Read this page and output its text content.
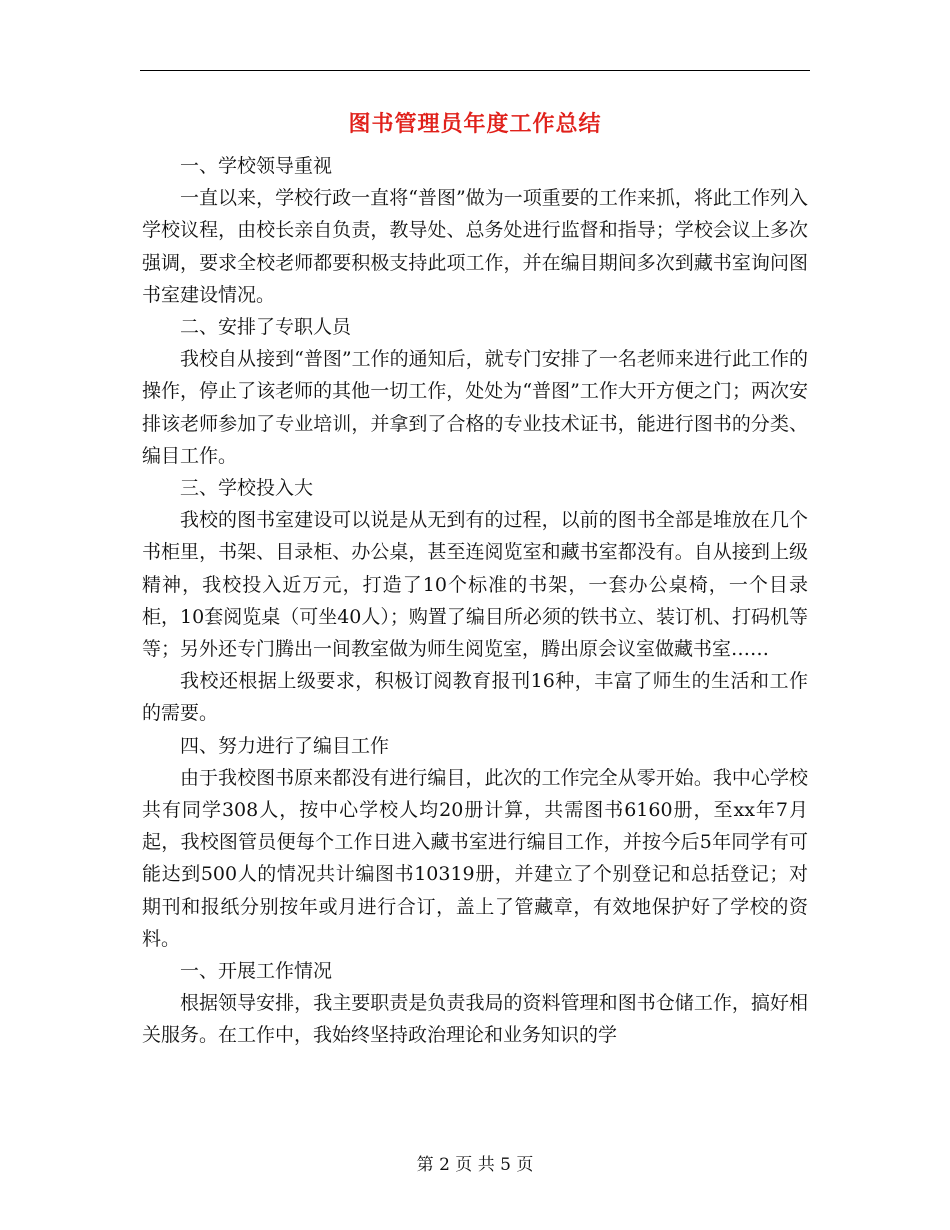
图书管理员年度工作总结

一、学校领导重视

一直以来，学校行政一直将“普图”做为一项重要的工作来抓，将此工作列入学校议程，由校长亲自负责，教导处、总务处进行监督和指导；学校会议上多次强调，要求全校老师都要积极支持此项工作，并在编目期间多次到藏书室询问图书室建设情况。

二、安排了专职人员

我校自从接到“普图”工作的通知后，就专门安排了一名老师来进行此工作的操作，停止了该老师的其他一切工作，处处为“普图”工作大开方便之门；两次安排该老师参加了专业培训，并拿到了合格的专业技术证书，能进行图书的分类、编目工作。

三、学校投入大

我校的图书室建设可以说是从无到有的过程，以前的图书全部是堆放在几个书柜里，书架、目录柜、办公桌，甚至连阅览室和藏书室都没有。自从接到上级精神，我校投入近万元，打造了10个标准的书架，一套办公桌椅，一个目录柜，10套阅览桌（可坐40人）；购置了编目所必须的铁书立、装订机、打码机等等；另外还专门腾出一间教室做为师生阅览室，腾出原会议室做藏书室……

我校还根据上级要求，积极订阅教育报刊16种，丰富了师生的生活和工作的需要。

四、努力进行了编目工作

由于我校图书原来都没有进行编目，此次的工作完全从零开始。我中心学校共有同学308人，按中心学校人均20册计算，共需图书6160册，至xx年7月起，我校图管员便每个工作日进入藏书室进行编目工作，并按今后5年同学有可能达到500人的情况共计编图书10319册，并建立了个别登记和总括登记；对期刊和报纸分别按年或月进行合订，盖上了管藏章，有效地保护好了学校的资料。

一、开展工作情况

根据领导安排，我主要职责是负责我局的资料管理和图书仓储工作，搞好相关服务。在工作中，我始终坚持政治理论和业务知识的学

第 2 页 共 5 页
